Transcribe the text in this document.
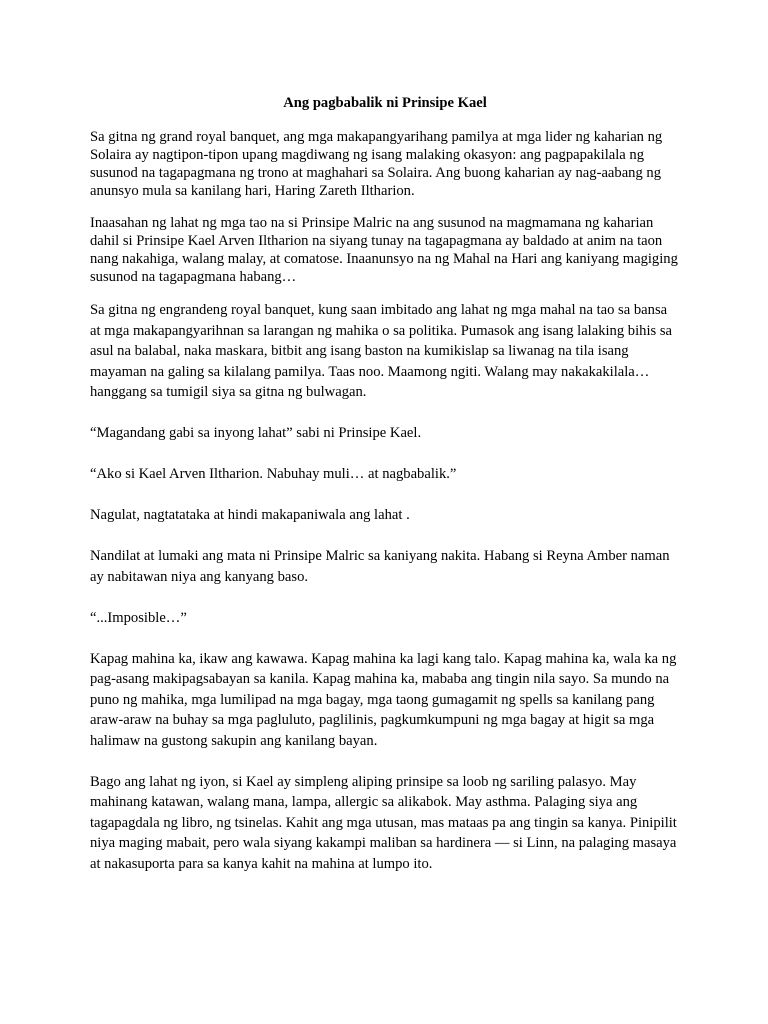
Ang pagbabalik ni Prinsipe Kael

Sa gitna ng grand royal banquet, ang mga makapangyarihang pamilya at mga lider ng kaharian ng Solaira ay nagtipon-tipon upang magdiwang ng isang malaking okasyon: ang pagpapakilala ng susunod na tagapagmana ng trono at maghahari sa Solaira. Ang buong kaharian ay nag-aabang ng anunsyo mula sa kanilang hari, Haring Zareth Iltharion.

Inaasahan ng lahat ng mga tao na si Prinsipe Malric na ang susunod na magmamana ng kaharian dahil si Prinsipe Kael Arven Iltharion na siyang tunay na tagapagmana ay baldado at anim na taon nang nakahiga, walang malay, at comatose. Inaanunsyo na ng Mahal na Hari ang kaniyang magiging susunod na tagapagmana habang…

Sa gitna ng engrandeng royal banquet, kung saan imbitado ang lahat ng mga mahal na tao sa bansa at mga makapangyarihnan sa larangan ng mahika o sa politika. Pumasok ang isang lalaking bihis sa asul na balabal, naka maskara, bitbit ang isang baston na kumikislap sa liwanag na tila isang mayaman na galing sa kilalang pamilya. Taas noo. Maamong ngiti. Walang may nakakakilala… hanggang sa tumigil siya sa gitna ng bulwagan.

“Magandang gabi sa inyong lahat” sabi ni Prinsipe Kael.

“Ako si Kael Arven Iltharion. Nabuhay muli… at nagbabalik.”

Nagulat, nagtatataka at hindi makapaniwala ang lahat .

Nandilat at lumaki ang mata ni Prinsipe Malric sa kaniyang nakita. Habang si Reyna Amber naman ay nabitawan niya ang kanyang baso.

“...Imposible…”

Kapag mahina ka, ikaw ang kawawa. Kapag mahina ka lagi kang talo. Kapag mahina ka, wala ka ng pag-asang makipagsabayan sa kanila. Kapag mahina ka, mababa ang tingin nila sayo. Sa mundo na puno ng mahika, mga lumilipad na mga bagay, mga taong gumagamit ng spells sa kanilang pang araw-araw na buhay sa mga pagluluto, paglilinis, pagkumkumpuni ng mga bagay at higit sa mga halimaw na gustong sakupin ang kanilang bayan.

Bago ang lahat ng iyon, si Kael ay simpleng aliping prinsipe sa loob ng sariling palasyo. May mahinang katawan, walang mana, lampa, allergic sa alikabok. May asthma. Palaging siya ang tagapagdala ng libro, ng tsinelas. Kahit ang mga utusan, mas mataas pa ang tingin sa kanya. Pinipilit niya maging mabait, pero wala siyang kakampi maliban sa hardinera — si Linn, na palaging masaya at nakasuporta para sa kanya kahit na mahina at lumpo ito.
